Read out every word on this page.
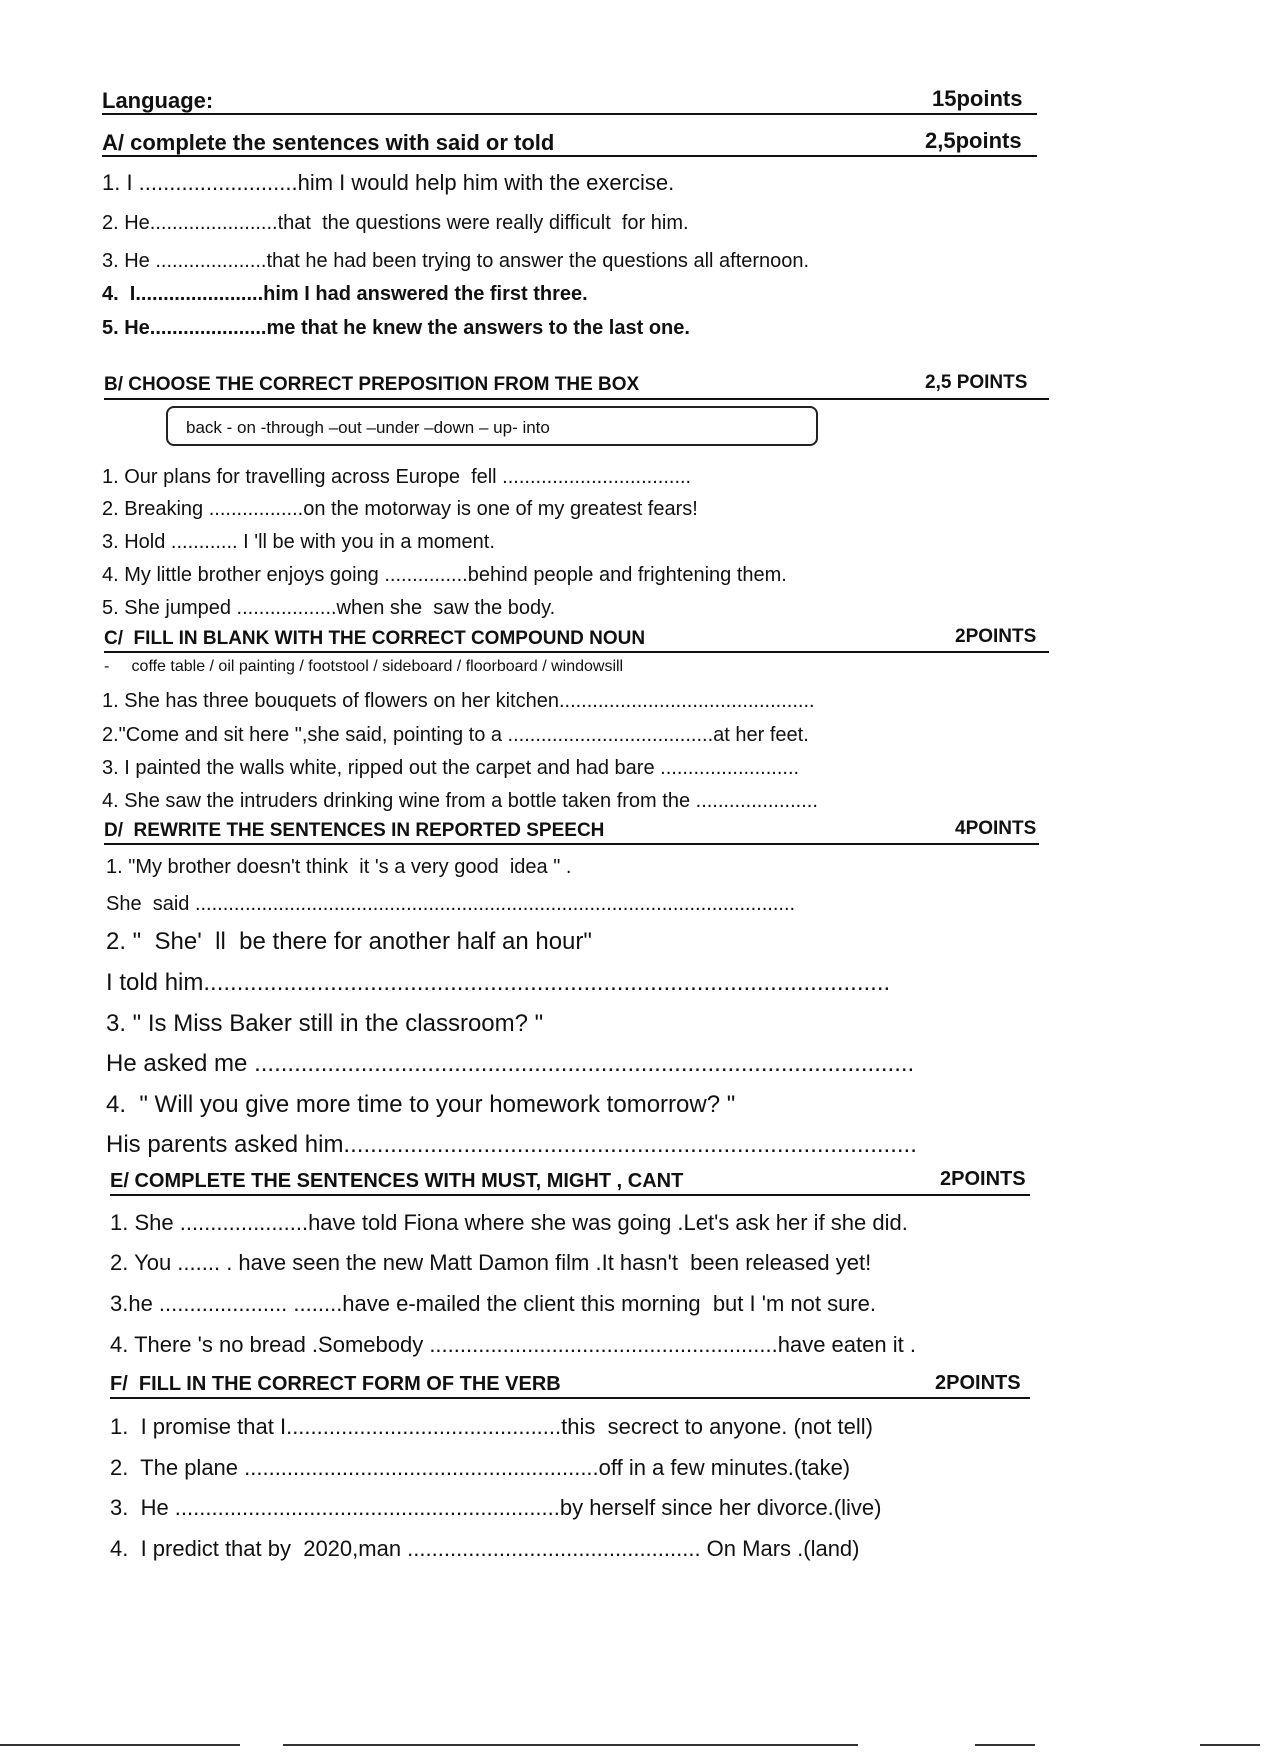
Language:	15points
A/ complete the sentences with said or told	2,5points
1. I ..........................him I would help him with the exercise.
2. He.......................that  the questions were really difficult  for him.
3. He ....................that he had been trying to answer the questions all afternoon.
4.  I.......................him I had answered the first three.
5. He.....................me that he knew the answers to the last one.
B/ CHOOSE THE CORRECT PREPOSITION FROM THE BOX	2,5 POINTS
back - on -through –out –under –down – up- into
1. Our plans for travelling across Europe  fell ..................................
2. Breaking .................on the motorway is one of my greatest fears!
3. Hold ............ I 'll be with you in a moment.
4. My little brother enjoys going ...............behind people and frightening them.
5. She jumped ..................when she  saw the body.
C/  FILL IN BLANK WITH THE CORRECT COMPOUND NOUN	2POINTS
-     coffe table / oil painting / footstool / sideboard / floorboard / windowsill
1. She has three bouquets of flowers on her kitchen..............................................
2."Come and sit here ",she said, pointing to a .....................................at her feet.
3. I painted the walls white, ripped out the carpet and had bare .........................
4. She saw the intruders drinking wine from a bottle taken from the ......................
D/  REWRITE THE SENTENCES IN REPORTED SPEECH	4POINTS
1. "My brother doesn't think  it 's a very good  idea " .
She  said ............................................................................................................
2. "  She'  ll  be there for another half an hour"
I told him.......................................................................................................
3. " Is Miss Baker still in the classroom? "
He asked me ...................................................................................................
4.  " Will you give more time to your homework tomorrow? "
His parents asked him......................................................................................
E/ COMPLETE THE SENTENCES WITH MUST, MIGHT , CANT	2POINTS
1. She .....................have told Fiona where she was going .Let's ask her if she did.
2. You ....... . have seen the new Matt Damon film .It hasn't  been released yet!
3.he ..................... ........have e-mailed the client this morning  but I 'm not sure.
4. There 's no bread .Somebody .........................................................have eaten it .
F/  FILL IN THE CORRECT FORM OF THE VERB	2POINTS
1.  I promise that I.............................................this  secrect to anyone. (not tell)
2.  The plane ..........................................................off in a few minutes.(take)
3.  He ...............................................................by herself since her divorce.(live)
4.  I predict that by  2020,man ................................................ On Mars .(land)
